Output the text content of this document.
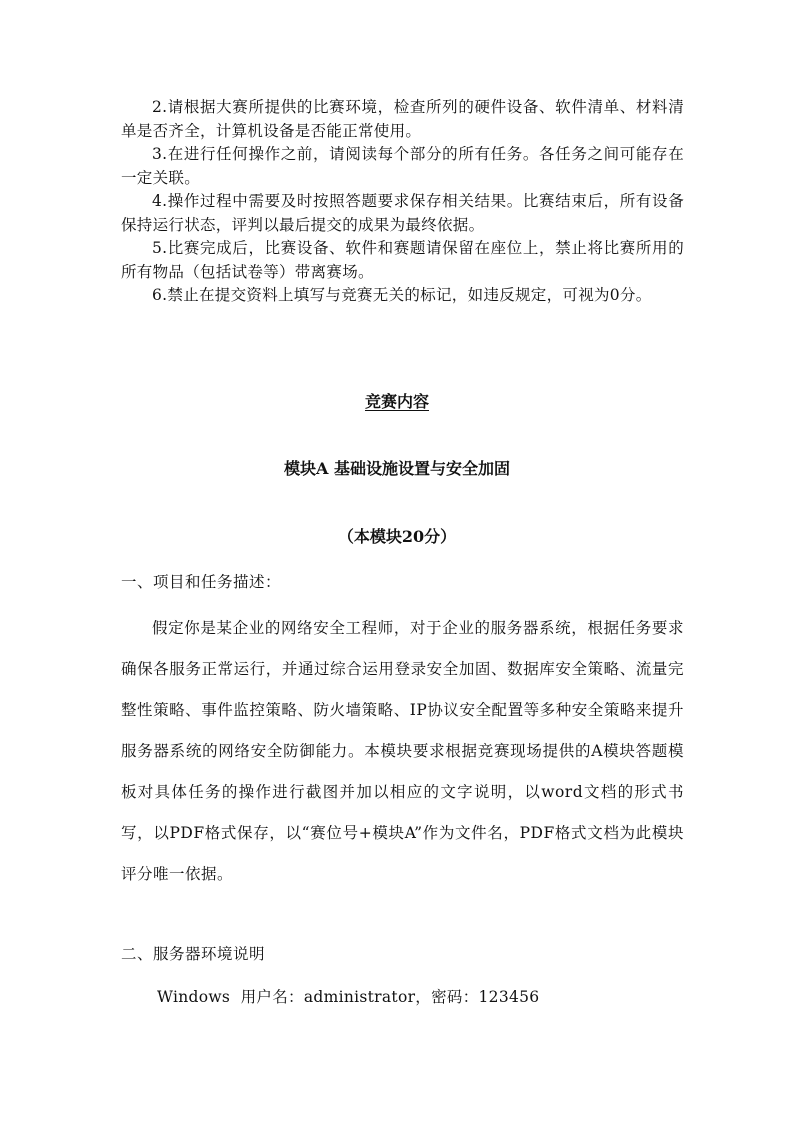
2.请根据大赛所提供的比赛环境，检查所列的硬件设备、软件清单、材料清单是否齐全，计算机设备是否能正常使用。

3.在进行任何操作之前，请阅读每个部分的所有任务。各任务之间可能存在一定关联。

4.操作过程中需要及时按照答题要求保存相关结果。比赛结束后，所有设备保持运行状态，评判以最后提交的成果为最终依据。

5.比赛完成后，比赛设备、软件和赛题请保留在座位上，禁止将比赛所用的所有物品（包括试卷等）带离赛场。

6.禁止在提交资料上填写与竞赛无关的标记，如违反规定，可视为0分。

竞赛内容
模块A 基础设施设置与安全加固
（本模块20分）

一、项目和任务描述：

假定你是某企业的网络安全工程师，对于企业的服务器系统，根据任务要求确保各服务正常运行，并通过综合运用登录安全加固、数据库安全策略、流量完整性策略、事件监控策略、防火墙策略、IP协议安全配置等多种安全策略来提升服务器系统的网络安全防御能力。本模块要求根据竞赛现场提供的A模块答题模板对具体任务的操作进行截图并加以相应的文字说明，以word文档的形式书写，以PDF格式保存，以“赛位号+模块A”作为文件名，PDF格式文档为此模块评分唯一依据。

二、服务器环境说明

Windows  用户名：administrator，密码：123456
